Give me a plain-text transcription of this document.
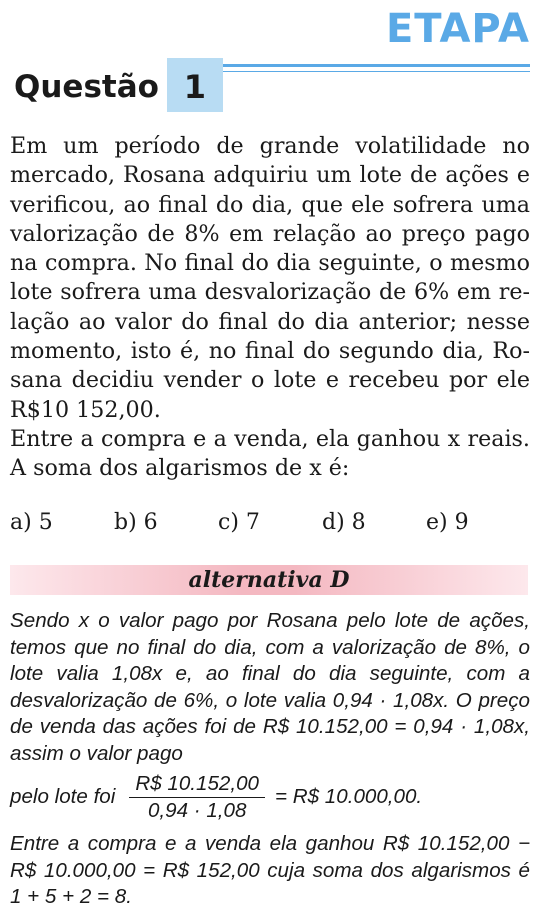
ETAPA
Questão 1

Em um período de grande volatilidade no mercado, Rosana adquiriu um lote de ações e verificou, ao final do dia, que ele sofrera uma valorização de 8% em relação ao preço pago na compra. No final do dia seguinte, o mesmo lote sofrera uma desvalorização de 6% em relação ao valor do final do dia anterior; nesse momento, isto é, no final do segundo dia, Rosana decidiu vender o lote e recebeu por ele R$10 152,00.

Entre a compra e a venda, ela ganhou x reais. A soma dos algarismos de x é:

a) 5	b) 6	c) 7	d) 8	e) 9
alternativa D

Sendo x o valor pago por Rosana pelo lote de ações, temos que no final do dia, com a valorização de 8%, o lote valia 1,08x e, ao final do dia seguinte, com a desvalorização de 6%, o lote valia 0,94 · 1,08x. O preço de venda das ações foi de R$ 10.152,00 = 0,94 · 1,08x, assim o valor pago

pelo lote foi $\frac{R\$ 10.152,00}{0,94 \cdot 1,08}$ = R$ 10.000,00.

Entre a compra e a venda ela ganhou R$ 10.152,00 − R$ 10.000,00 = R$ 152,00 cuja soma dos algarismos é 1 + 5 + 2 = 8.
